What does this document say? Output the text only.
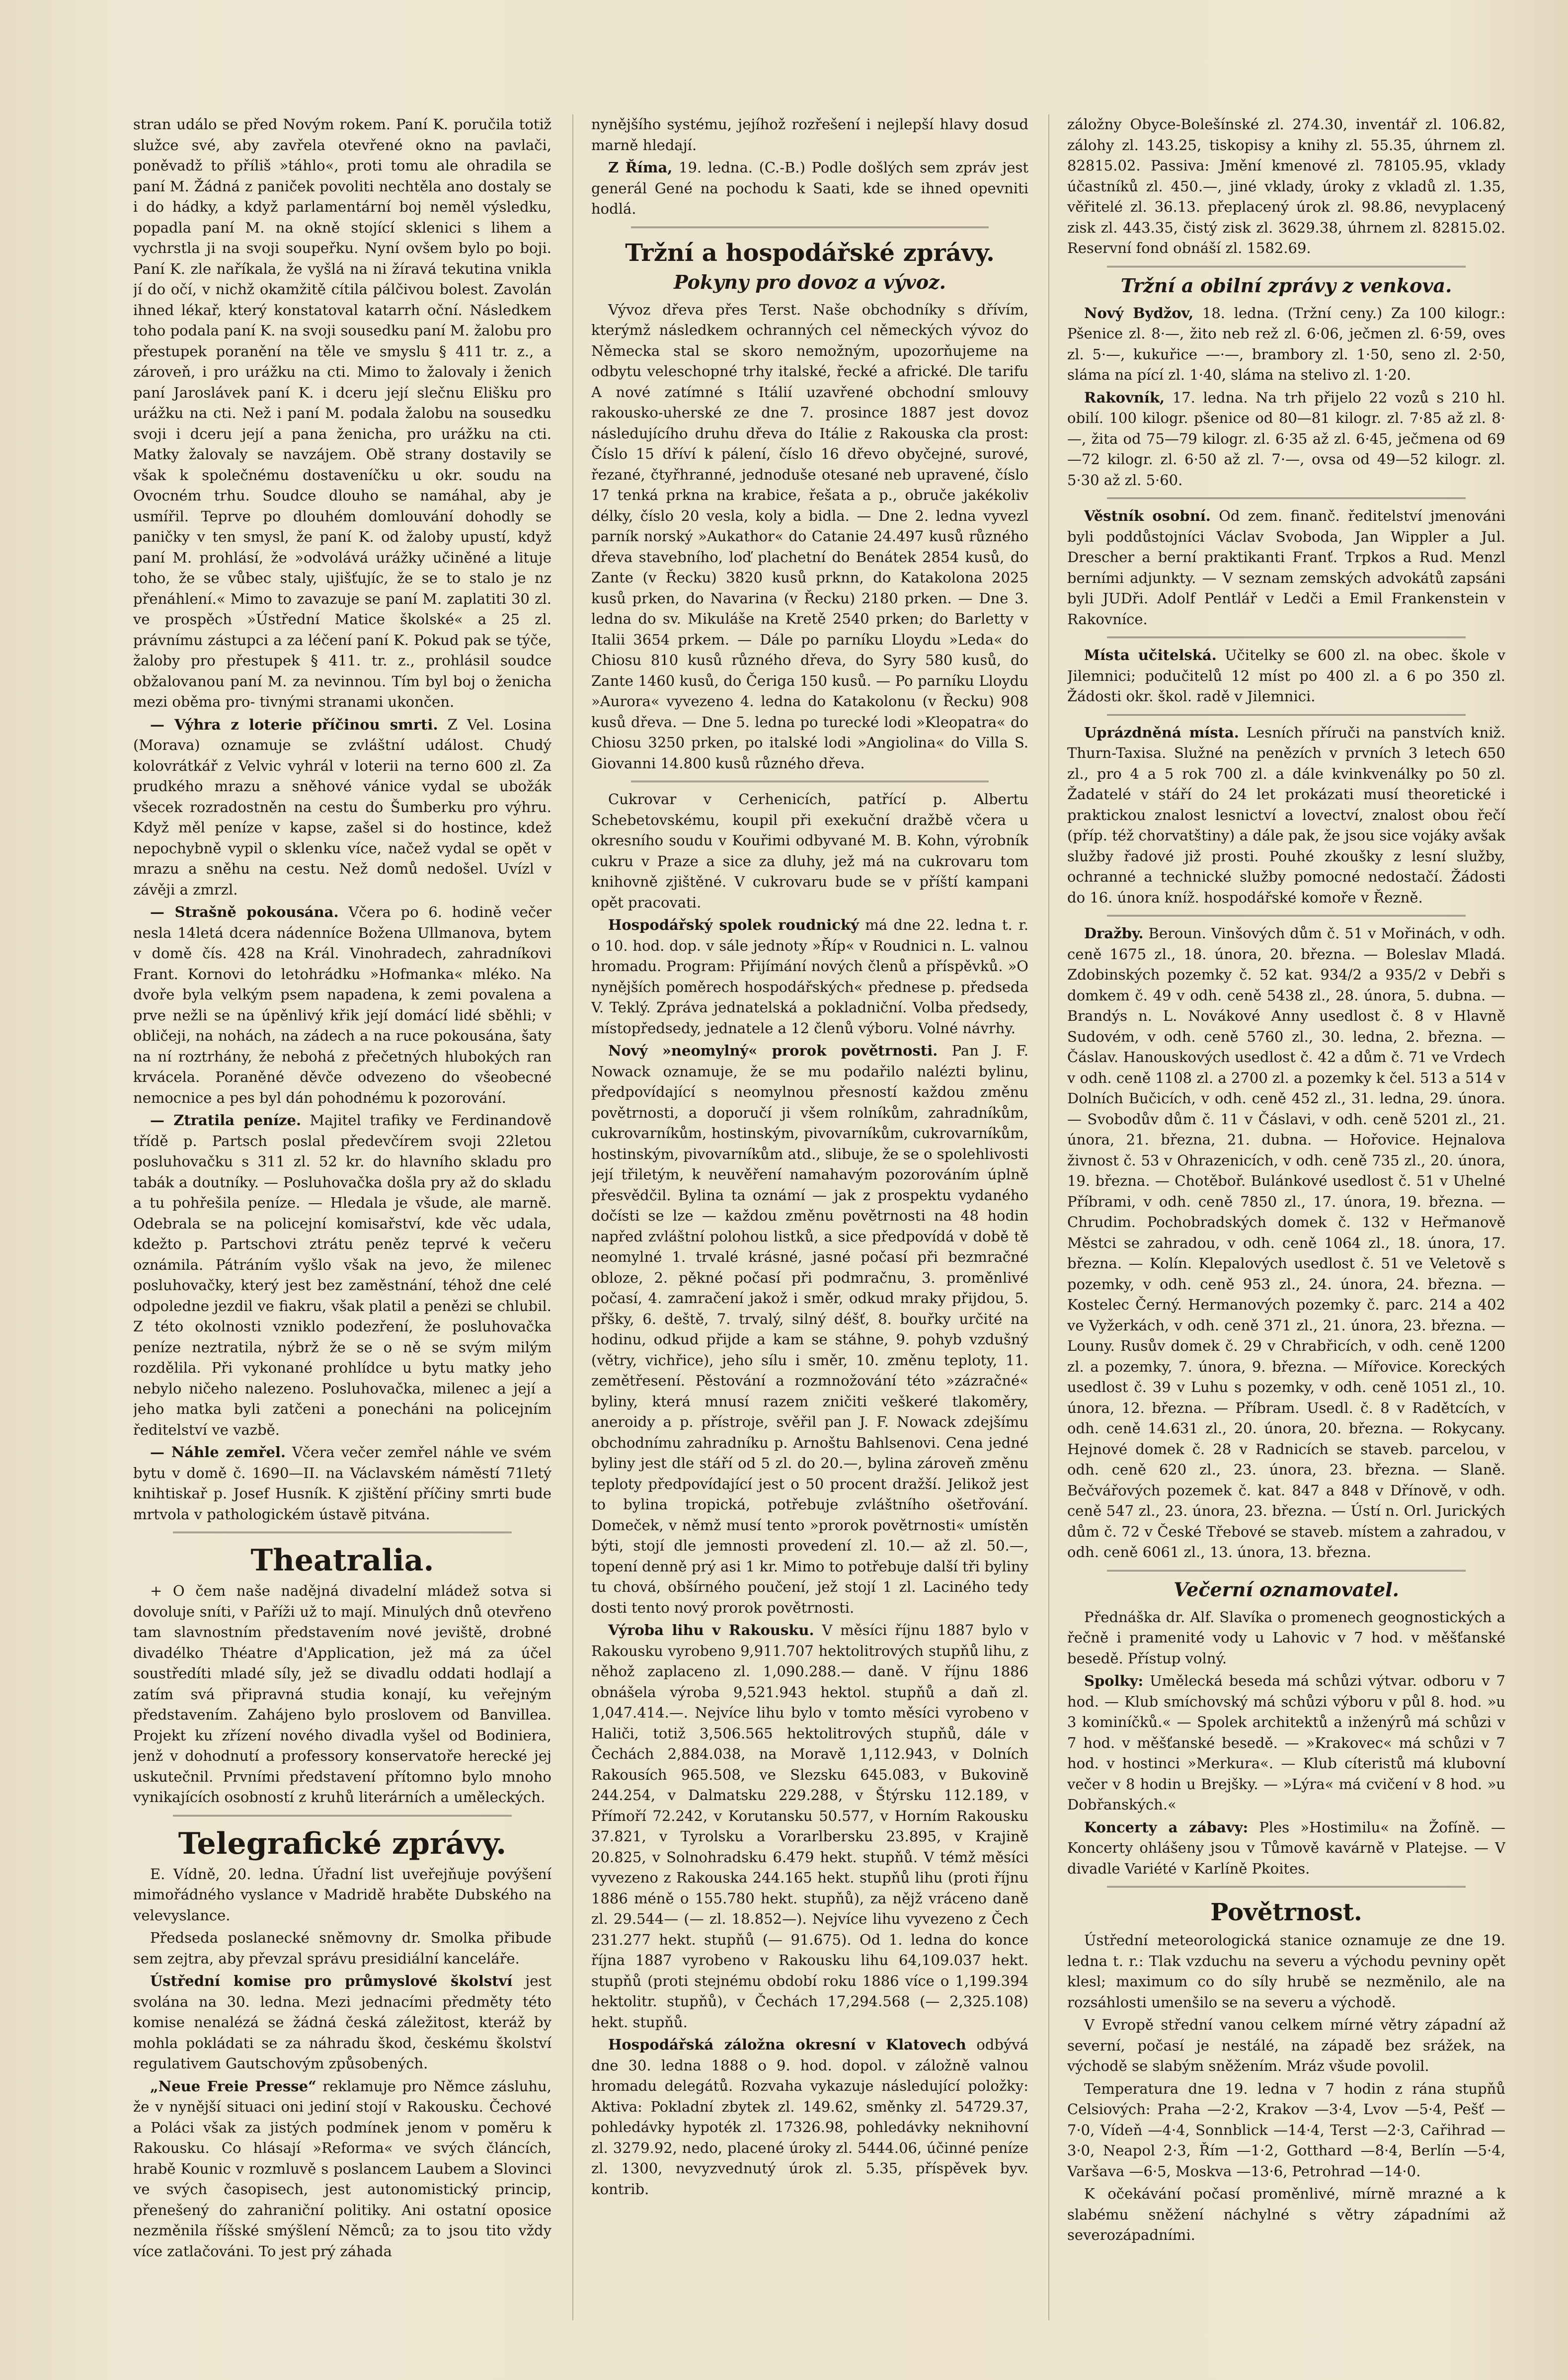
stran událo se před Novým rokem. Paní K. poručila totiž služce své, aby zavřela otevřené okno na pavlači, poněvadž to příliš »táhlo«, proti tomu ale ohradila se paní M. Žádná z paniček povoliti nechtěla ano dostaly se i do hádky, a když parlamentární boj neměl výsledku, popadla paní M. na okně stojící sklenici s lihem a vychrstla ji na svoji soupeřku. Nyní ovšem bylo po boji. Paní K. zle naříkala, že vyšlá na ni žíravá tekutina vnikla jí do očí, v nichž okamžitě cítila pálčivou bolest. Zavolán ihned lékař, který konstatoval katarrh oční. Následkem toho podala paní K. na svoji sousedku paní M. žalobu pro přestupek poranění na těle ve smyslu § 411 tr. z., a zároveň, i pro urážku na cti. Mimo to žalovaly i ženich paní Jaroslávek paní K. i dceru její slečnu Elišku pro urážku na cti. Než i paní M. podala žalobu na sousedku svoji i dceru její a pana ženicha, pro urážku na cti. Matky žalovaly se navzájem. Obě strany dostavily se však k společnému dostaveníčku u okr. soudu na Ovocném trhu. Soudce dlouho se namáhal, aby je usmířil. Teprve po dlouhém domlouvání dohodly se paničky v ten smysl, že paní K. od žaloby upustí, když paní M. prohlásí, že »odvolává urážky učiněné a lituje toho, že se vůbec staly, ujišťujíc, že se to stalo je nz přenáhlení.« Mimo to zavazuje se paní M. zaplatiti 30 zl. ve prospěch »Ústřední Matice školské« a 25 zl. právnímu zástupci a za léčení paní K. Pokud pak se týče, žaloby pro přestupek § 411. tr. z., prohlásil soudce obžalovanou paní M. za nevinnou. Tím byl boj o ženicha mezi oběma pro- tivnými stranami ukončen.

— Výhra z loterie příčinou smrti. Z Vel. Losina (Morava) oznamuje se zvláštní událost. Chudý kolovrátkář z Velvic vyhrál v loterii na terno 600 zl. Za prudkého mrazu a sněhové vánice vydal se ubožák všecek rozradostněn na cestu do Šumberku pro výhru. Když měl peníze v kapse, zašel si do hostince, kdež nepochybně vypil o sklenku více, načež vydal se opět v mrazu a sněhu na cestu. Než domů nedošel. Uvízl v závěji a zmrzl.

— Strašně pokousána. Včera po 6. hodině večer nesla 14letá dcera nádenníce Božena Ullmanova, bytem v domě čís. 428 na Král. Vinohradech, zahradníkovi Frant. Kornovi do letohrádku »Hofmanka« mléko. Na dvoře byla velkým psem napadena, k zemi povalena a prve nežli se na úpěnlivý křik její domácí lidé sběhli; v obličeji, na nohách, na zádech a na ruce pokousána, šaty na ní roztrhány, že nebohá z přečetných hlubokých ran krvácela. Poraněné děvče odvezeno do všeobecné nemocnice a pes byl dán pohodnému k pozorování.

— Ztratila peníze. Majitel trafiky ve Ferdinandově třídě p. Partsch poslal předevčírem svoji 22letou posluhovačku s 311 zl. 52 kr. do hlavního skladu pro tabák a doutníky. — Posluhovačka došla pry až do skladu a tu pohřešila peníze. — Hledala je všude, ale marně. Odebrala se na policejní komisařství, kde věc udala, kdežto p. Partschovi ztrátu peněz teprvé k večeru oznámila. Pátráním vyšlo však na jevo, že milenec posluhovačky, který jest bez zaměstnání, téhož dne celé odpoledne jezdil ve fiakru, však platil a penězi se chlubil. Z této okolnosti vzniklo podezření, že posluhovačka peníze neztratila, nýbrž že se o ně se svým milým rozdělila. Při vykonané prohlídce u bytu matky jeho nebylo ničeho nalezeno. Posluhovačka, milenec a její a jeho matka byli zatčeni a ponecháni na policejním ředitelství ve vazbě.

— Náhle zemřel. Včera večer zemřel náhle ve svém bytu v domě č. 1690—II. na Václavském náměstí 71letý knihtiskař p. Josef Husník. K zjištění příčiny smrti bude mrtvola v pathologickém ústavě pitvána.

Theatralia.

+ O čem naše nadějná divadelní mládež sotva si dovoluje sníti, v Paříži už to mají. Minulých dnů otevřeno tam slavnostním představením nové jeviště, drobné divadélko Théatre d'Application, jež má za účel soustředíti mladé síly, jež se divadlu oddati hodlají a zatím svá připravná studia konají, ku veřejným představením. Zahájeno bylo proslovem od Banvillea. Projekt ku zřízení nového divadla vyšel od Bodiniera, jenž v dohodnutí a professory konservatoře herecké jej uskutečnil. Prvními představení přítomno bylo mnoho vynikajících osobností z kruhů literárních a uměleckých.

Telegrafické zprávy.

E. Vídně, 20. ledna. Úřadní list uveřejňuje povýšení mimořádného vyslance v Madridě hraběte Dubského na velevyslance.

Předseda poslanecké sněmovny dr. Smolka přibude sem zejtra, aby převzal správu presidiální kanceláře.

Ústřední komise pro průmyslové školství jest svolána na 30. ledna. Mezi jednacími předměty této komise nenalézá se žádná česká záležitost, kteráž by mohla pokládati se za náhradu škod, českému školství regulativem Gautschovým způsobených.

„Neue Freie Presse“ reklamuje pro Němce zásluhu, že v nynější situaci oni jediní stojí v Rakousku. Čechové a Poláci však za jistých podmínek jenom v poměru k Rakousku. Co hlásají »Reforma« ve svých článcích, hrabě Kounic v rozmluvě s poslancem Laubem a Slovinci ve svých časopisech, jest autonomistický princip, přenešený do zahraniční politiky. Ani ostatní oposice nezměnila říšské smýšlení Němců; za to jsou tito vždy více zatlačováni. To jest prý záhada

nynějšího systému, jejíhož rozřešení i nejlepší hlavy dosud marně hledají.

Z Říma, 19. ledna. (C.-B.) Podle došlých sem zpráv jest generál Gené na pochodu k Saati, kde se ihned opevniti hodlá.

Tržní a hospodářské zprávy.
Pokyny pro dovoz a vývoz.

Vývoz dřeva přes Terst. Naše obchodníky s dřívím, kterýmž následkem ochranných cel německých vývoz do Německa stal se skoro nemožným, upozorňujeme na odbytu veleschopné trhy italské, řecké a africké. Dle tarifu A nové zatímné s Itálií uzavřené obchodní smlouvy rakousko-uherské ze dne 7. prosince 1887 jest dovoz následujícího druhu dřeva do Itálie z Rakouska cla prost: Číslo 15 dříví k pálení, číslo 16 dřevo obyčejné, surové, řezané, čtyřhranné, jednoduše otesané neb upravené, číslo 17 tenká prkna na krabice, řešata a p., obruče jakékoliv délky, číslo 20 vesla, koly a bidla. — Dne 2. ledna vyvezl parník norský »Aukathor« do Catanie 24.497 kusů různého dřeva stavebního, loď plachetní do Benátek 2854 kusů, do Zante (v Řecku) 3820 kusů prknn, do Katakolona 2025 kusů prken, do Navarina (v Řecku) 2180 prken. — Dne 3. ledna do sv. Mikuláše na Kretě 2540 prken; do Barletty v Italii 3654 prkem. — Dále po parníku Lloydu »Leda« do Chiosu 810 kusů různého dřeva, do Syry 580 kusů, do Zante 1460 kusů, do Čeriga 150 kusů. — Po parníku Lloydu »Aurora« vyvezeno 4. ledna do Katakolonu (v Řecku) 908 kusů dřeva. — Dne 5. ledna po turecké lodi »Kleopatra« do Chiosu 3250 prken, po italské lodi »Angiolina« do Villa S. Giovanni 14.800 kusů různého dřeva.

Cukrovar v Cerhenicích, patřící p. Albertu Schebetovskému, koupil při exekuční dražbě včera u okresního soudu v Kouřimi odbyvané M. B. Kohn, výrobník cukru v Praze a sice za dluhy, jež má na cukrovaru tom knihovně zjištěné. V cukrovaru bude se v příští kampani opět pracovati.

Hospodářský spolek roudnický má dne 22. ledna t. r. o 10. hod. dop. v sále jednoty »Říp« v Roudnici n. L. valnou hromadu. Program: Přijímání nových členů a příspěvků. »O nynějších poměrech hospodářských« přednese p. předseda V. Teklý. Zpráva jednatelská a pokladniční. Volba předsedy, místopředsedy, jednatele a 12 členů výboru. Volné návrhy.

Nový »neomylný« prorok povětrnosti. Pan J. F. Nowack oznamuje, že se mu podařilo nalézti bylinu, předpovídající s neomylnou přesností každou změnu povětrnosti, a doporučí ji všem rolníkům, zahradníkům, cukrovarníkům, hostinským, pivovarníkům, cukrovarníkům, hostinským, pivovarníkům atd., slibuje, že se o spolehlivosti její třiletým, k neuvěření namahavým pozorováním úplně přesvědčil. Bylina ta oznámí — jak z prospektu vydaného dočísti se lze — každou změnu povětrnosti na 48 hodin napřed zvláštní polohou listků, a sice předpovídá v době tě neomylné 1. trvalé krásné, jasné počasí při bezmračné obloze, 2. pěkné počasí při podmračnu, 3. proměnlivé počasí, 4. zamračení jakož i směr, odkud mraky přijdou, 5. přšky, 6. deště, 7. trvalý, silný déšť, 8. bouřky určité na hodinu, odkud přijde a kam se stáhne, 9. pohyb vzdušný (větry, vichřice), jeho sílu i směr, 10. změnu teploty, 11. zemětřesení. Pěstování a rozmnožování této »zázračné« byliny, která mnusí razem zničiti veškeré tlakoměry, aneroidy a p. přístroje, svěřil pan J. F. Nowack zdejšímu obchodnímu zahradníku p. Arnoštu Bahlsenovi. Cena jedné byliny jest dle stáří od 5 zl. do 20.—, bylina zároveň změnu teploty předpovídající jest o 50 procent dražší. Jelikož jest to bylina tropická, potřebuje zvláštního ošetřování. Domeček, v němž musí tento »prorok povětrnosti« umístěn býti, stojí dle jemnosti provedení zl. 10.— až zl. 50.—, topení denně prý asi 1 kr. Mimo to potřebuje další tři byliny tu chová, obšírného poučení, jež stojí 1 zl. Laciného tedy dosti tento nový prorok povětrnosti.

Výroba lihu v Rakousku. V měsíci říjnu 1887 bylo v Rakousku vyrobeno 9,911.707 hektolitrových stupňů lihu, z něhož zaplaceno zl. 1,090.288.— daně. V říjnu 1886 obnášela výroba 9,521.943 hektol. stupňů a daň zl. 1,047.414.—. Nejvíce lihu bylo v tomto měsíci vyrobeno v Haliči, totiž 3,506.565 hektolitrových stupňů, dále v Čechách 2,884.038, na Moravě 1,112.943, v Dolních Rakousích 965.508, ve Slezsku 645.083, v Bukovině 244.254, v Dalmatsku 229.288, v Štýrsku 112.189, v Přímoří 72.242, v Korutansku 50.577, v Horním Rakousku 37.821, v Tyrolsku a Vorarlbersku 23.895, v Krajině 20.825, v Solnohradsku 6.479 hekt. stupňů. V témž měsíci vyvezeno z Rakouska 244.165 hekt. stupňů lihu (proti říjnu 1886 méně o 155.780 hekt. stupňů), za nějž vráceno daně zl. 29.544— (— zl. 18.852—). Nejvíce lihu vyvezeno z Čech 231.277 hekt. stupňů (— 91.675). Od 1. ledna do konce října 1887 vyrobeno v Rakousku lihu 64,109.037 hekt. stupňů (proti stejnému období roku 1886 více o 1,199.394 hektolitr. stupňů), v Čechách 17,294.568 (— 2,325.108) hekt. stupňů.

Hospodářská záložna okresní v Klatovech odbývá dne 30. ledna 1888 o 9. hod. dopol. v záložně valnou hromadu delegátů. Rozvaha vykazuje následující položky: Aktiva: Pokladní zbytek zl. 149.62, směnky zl. 54729.37, pohledávky hypoték zl. 17326.98, pohledávky neknihovní zl. 3279.92, nedo, placené úroky zl. 5444.06, účinné peníze zl. 1300, nevyzvednutý úrok zl. 5.35, příspěvek byv. kontrib.

záložny Obyce-Bolešínské zl. 274.30, inventář zl. 106.82, zálohy zl. 143.25, tiskopisy a knihy zl. 55.35, úhrnem zl. 82815.02. Passiva: Jmění kmenové zl. 78105.95, vklady účastníků zl. 450.—, jiné vklady, úroky z vkladů zl. 1.35, věřitelé zl. 36.13. přeplacený úrok zl. 98.86, nevyplacený zisk zl. 443.35, čistý zisk zl. 3629.38, úhrnem zl. 82815.02. Reservní fond obnáší zl. 1582.69.

Tržní a obilní zprávy z venkova.

Nový Bydžov, 18. ledna. (Tržní ceny.) Za 100 kilogr.: Pšenice zl. 8·—, žito neb rež zl. 6·06, ječmen zl. 6·59, oves zl. 5·—, kukuřice —·—, brambory zl. 1·50, seno zl. 2·50, sláma na pící zl. 1·40, sláma na stelivo zl. 1·20.

Rakovník, 17. ledna. Na trh přijelo 22 vozů s 210 hl. obilí. 100 kilogr. pšenice od 80—81 kilogr. zl. 7·85 až zl. 8·—, žita od 75—79 kilogr. zl. 6·35 až zl. 6·45, ječmena od 69—72 kilogr. zl. 6·50 až zl. 7·—, ovsa od 49—52 kilogr. zl. 5·30 až zl. 5·60.

Věstník osobní. Od zem. finanč. ředitelství jmenováni byli poddůstojníci Václav Svoboda, Jan Wippler a Jul. Drescher a berní praktikanti Franť. Trpkos a Rud. Menzl berními adjunkty. — V seznam zemských advokátů zapsáni byli JUDři. Adolf Pentlář v Ledči a Emil Frankenstein v Rakovníce.

Místa učitelská. Učitelky se 600 zl. na obec. škole v Jilemnici; podučitelů 12 míst po 400 zl. a 6 po 350 zl. Žádosti okr. škol. radě v Jilemnici.

Uprázdněná místa. Lesních příruči na panstvích kniž. Thurn-Taxisa. Služné na penězích v prvních 3 letech 650 zl., pro 4 a 5 rok 700 zl. a dále kvinkvenálky po 50 zl. Žadatelé v stáří do 24 let prokázati musí theoretické i praktickou znalost lesnictví a lovectví, znalost obou řečí (příp. též chorvatštiny) a dále pak, že jsou sice vojáky avšak služby řadové již prosti. Pouhé zkoušky z lesní služby, ochranné a technické služby pomocné nedostačí. Žádosti do 16. února kníž. hospodářské komoře v Řezně.

Dražby. Beroun. Vinšových dům č. 51 v Mořinách, v odh. ceně 1675 zl., 18. února, 20. března. — Boleslav Mladá. Zdobinských pozemky č. 52 kat. 934/2 a 935/2 v Debři s domkem č. 49 v odh. ceně 5438 zl., 28. února, 5. dubna. — Brandýs n. L. Novákové Anny usedlost č. 8 v Hlavně Sudovém, v odh. ceně 5760 zl., 30. ledna, 2. března. — Čáslav. Hanouskových usedlost č. 42 a dům č. 71 ve Vrdech v odh. ceně 1108 zl. a 2700 zl. a pozemky k čel. 513 a 514 v Dolních Bučicích, v odh. ceně 452 zl., 31. ledna, 29. února. — Svobodův dům č. 11 v Čáslavi, v odh. ceně 5201 zl., 21. února, 21. března, 21. dubna. — Hořovice. Hejnalova živnost č. 53 v Ohrazenicích, v odh. ceně 735 zl., 20. února, 19. března. — Chotěboř. Bulánkové usedlost č. 51 v Uhelné Příbrami, v odh. ceně 7850 zl., 17. února, 19. března. — Chrudim. Pochobradských domek č. 132 v Heřmanově Městci se zahradou, v odh. ceně 1064 zl., 18. února, 17. března. — Kolín. Klepalových usedlost č. 51 ve Veletově s pozemky, v odh. ceně 953 zl., 24. února, 24. března. — Kostelec Černý. Hermanových pozemky č. parc. 214 a 402 ve Vyžerkách, v odh. ceně 371 zl., 21. února, 23. března. — Louny. Rusův domek č. 29 v Chrabřicích, v odh. ceně 1200 zl. a pozemky, 7. února, 9. března. — Mířovice. Koreckých usedlost č. 39 v Luhu s pozemky, v odh. ceně 1051 zl., 10. února, 12. března. — Příbram. Usedl. č. 8 v Radětcích, v odh. ceně 14.631 zl., 20. února, 20. března. — Rokycany. Hejnové domek č. 28 v Radnicích se staveb. parcelou, v odh. ceně 620 zl., 23. února, 23. března. — Slaně. Bečvářových pozemek č. kat. 847 a 848 v Dřínově, v odh. ceně 547 zl., 23. února, 23. března. — Ústí n. Orl. Jurických dům č. 72 v České Třebové se staveb. místem a zahradou, v odh. ceně 6061 zl., 13. února, 13. března.

Večerní oznamovatel.

Přednáška dr. Alf. Slavíka o promenech geognostických a řečně i pramenité vody u Lahovic v 7 hod. v měšťanské besedě. Přístup volný.

Spolky: Umělecká beseda má schůzi výtvar. odboru v 7 hod. — Klub smíchovský má schůzi výboru v půl 8. hod. »u 3 kominíčků.« — Spolek architektů a inženýrů má schůzi v 7 hod. v měšťanské besedě. — »Krakovec« má schůzi v 7 hod. v hostinci »Merkura«. — Klub cíteristů má klubovní večer v 8 hodin u Brejšky. — »Lýra« má cvičení v 8 hod. »u Dobřanských.«

Koncerty a zábavy: Ples »Hostimilu« na Žofíně. — Koncerty ohlášeny jsou v Tůmově kavárně v Platejse. — V divadle Variété v Karlíně Pkoites.

Povětrnost.

Ústřední meteorologická stanice oznamuje ze dne 19. ledna t. r.: Tlak vzduchu na severu a východu pevniny opět klesl; maximum co do síly hrubě se nezměnilo, ale na rozsáhlosti umenšilo se na severu a východě.

V Evropě střední vanou celkem mírné větry západní až severní, počasí je nestálé, na západě bez srážek, na východě se slabým sněžením. Mráz všude povolil.

Temperatura dne 19. ledna v 7 hodin z rána stupňů Celsiových: Praha —2·2, Krakov —3·4, Lvov —5·4, Pešť —7·0, Vídeň —4·4, Sonnblick —14·4, Terst —2·3, Cařihrad —3·0, Neapol 2·3, Řím —1·2, Gotthard —8·4, Berlín —5·4, Varšava —6·5, Moskva —13·6, Petrohrad —14·0.

K očekávání počasí proměnlivé, mírně mrazné a k slabému sněžení náchylné s větry západními až severozápadními.
